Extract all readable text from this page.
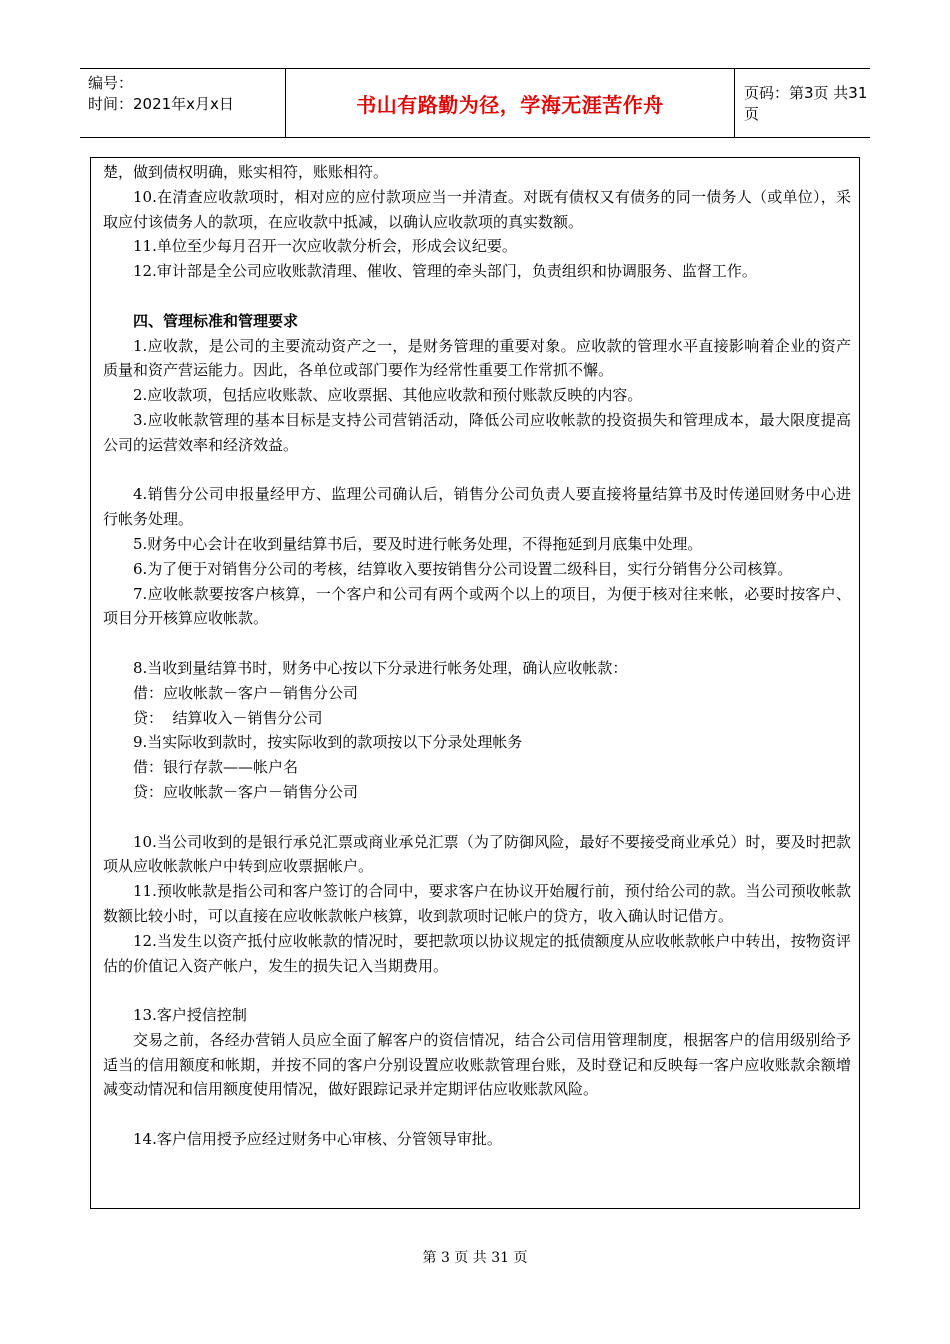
编号：
时间：2021年x月x日	书山有路勤为径，学海无涯苦作舟	页码：第3页 共31页

楚，做到债权明确，账实相符，账账相符。

10.在清查应收款项时，相对应的应付款项应当一并清查。对既有债权又有债务的同一债务人（或单位），采取应付该债务人的款项，在应收款中抵减，以确认应收款项的真实数额。

11.单位至少每月召开一次应收款分析会，形成会议纪要。

12.审计部是全公司应收账款清理、催收、管理的牵头部门，负责组织和协调服务、监督工作。

四、管理标准和管理要求

1.应收款，是公司的主要流动资产之一，是财务管理的重要对象。应收款的管理水平直接影响着企业的资产质量和资产营运能力。因此，各单位或部门要作为经常性重要工作常抓不懈。

2.应收款项，包括应收账款、应收票据、其他应收款和预付账款反映的内容。

3.应收帐款管理的基本目标是支持公司营销活动，降低公司应收帐款的投资损失和管理成本，最大限度提高公司的运营效率和经济效益。

4.销售分公司申报量经甲方、监理公司确认后，销售分公司负责人要直接将量结算书及时传递回财务中心进行帐务处理。

5.财务中心会计在收到量结算书后，要及时进行帐务处理，不得拖延到月底集中处理。

6.为了便于对销售分公司的考核，结算收入要按销售分公司设置二级科目，实行分销售分公司核算。

7.应收帐款要按客户核算，一个客户和公司有两个或两个以上的项目，为便于核对往来帐，必要时按客户、项目分开核算应收帐款。

8.当收到量结算书时，财务中心按以下分录进行帐务处理，确认应收帐款：

借：应收帐款－客户－销售分公司

贷：  结算收入－销售分公司

9.当实际收到款时，按实际收到的款项按以下分录处理帐务

借：银行存款——帐户名

贷：应收帐款－客户－销售分公司

10.当公司收到的是银行承兑汇票或商业承兑汇票（为了防御风险，最好不要接受商业承兑）时，要及时把款项从应收帐款帐户中转到应收票据帐户。

11.预收帐款是指公司和客户签订的合同中，要求客户在协议开始履行前，预付给公司的款。当公司预收帐款数额比较小时，可以直接在应收帐款帐户核算，收到款项时记帐户的贷方，收入确认时记借方。

12.当发生以资产抵付应收帐款的情况时，要把款项以协议规定的抵债额度从应收帐款帐户中转出，按物资评估的价值记入资产帐户，发生的损失记入当期费用。

13.客户授信控制

交易之前，各经办营销人员应全面了解客户的资信情况，结合公司信用管理制度，根据客户的信用级别给予适当的信用额度和帐期，并按不同的客户分别设置应收账款管理台账，及时登记和反映每一客户应收账款余额增减变动情况和信用额度使用情况，做好跟踪记录并定期评估应收账款风险。

14.客户信用授予应经过财务中心审核、分管领导审批。

第 3 页 共 31 页
